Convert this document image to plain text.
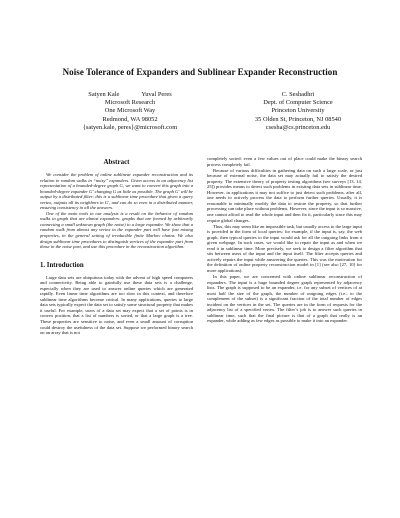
Noise Tolerance of Expanders and Sublinear Expander Reconstruction
Satyen Kale	Yuval Peres
Microsoft Research
One Microsoft Way
Redmond, WA 98052
{satyen.kale, peres}@microsoft.com
C. Seshadhri
Dept. of Computer Science
Princeton University
35 Olden St, Princeton, NJ 08540
csesha@cs.princeton.edu
Abstract

We consider the problem of online sublinear expander reconstruction and its relation to random walks in “noisy” expanders. Given access to an adjacency list representation of a bounded-degree graph G, we want to convert this graph into a bounded-degree expander G′ changing G as little as possible. The graph G′ will be output by a distributed filter: this is a sublinear time procedure that given a query vertex, outputs all its neighbors in G′, and can do so even in a distributed manner, ensuring consistency in all the answers.

One of the main tools in our analysis is a result on the behavior of random walks in graph that are almost expanders: graphs that are formed by arbitrarily connecting a small unknown graph (the noise) to a large expander. We show that a random walk from almost any vertex in the expander part will have fast mixing properties, in the general setting of irreducible finite Markov chains. We also design sublinear time procedures to distinguish vertices of the expander part from those in the noise part, and use this procedure in the reconstruction algorithm.

1. Introduction

Large data sets are ubiquitous today with the advent of high speed computers and connectivity. Being able to gainfully use these data sets is a challenge, especially when they are used to answer online queries which are generated rapidly. Even linear time algorithms are too slow in this context, and therefore sublinear time algorithms become critical. In many applications, queries to large data sets typically expect the data set to satisfy some structural property that makes it useful. For example, users of a data set may expect that a set of points is in convex position, that a list of numbers is sorted, or that a large graph is a tree. These properties are sensitive to noise, and even a small amount of corruption could destroy the usefulness of the data set. Suppose we performed binary search on an array that is not

completely sorted: even a few values out of place could make the binary search process completely fail.

Because of various difficulties in gathering data on such a large scale, or just because of external noise, the data set may actually fail to satisfy the desired property. The extensive theory of property testing algorithms (see surveys [13, 14, 25]) provides means to detect such problems in existing data sets in sublinear time. However, in applications it may not suffice to just detect such problems, after all, one needs to actively process the data to perform further queries. Usually, it is reasonable to minimally modify the data to restore the property, so that further processing can take place without problems. However, since the input is so massive, one cannot afford to read the whole input and then fix it, particularly since this may require global changes.

Thus, this may seem like an impossible task, but usually access to the large input is provided in the form of local queries: for example, if the input is, say, the web graph, then typical queries to the input would ask for all the outgoing links from a given webpage. In such cases, we would like to repair the input as and when we read it in sublinear time. More precisely, we seek to design a filter algorithm that sits between users of the input and the input itself. The filter accepts queries and actively repairs the input while answering the queries. This was the motivation for the definition of online property reconstruction model in [1] (see also [27, 10] for more applications).

In this paper, we are concerned with online sublinear reconstruction of expanders. The input is a huge bounded degree graph represented by adjacency lists. The graph is supposed to be an expander, i.e. for any subset of vertices of at most half the size of the graph, the number of outgoing edges (i.e., to the complement of the subset) is a significant fraction of the total number of edges incident on the vertices in the set. The queries are in the form of requests for the adjacency list of a specified vertex. The filter’s job is to answer such queries in sublinear time, such that the final picture is that of a graph that really is an expander, while adding as few edges as possible to make it into an expander.
